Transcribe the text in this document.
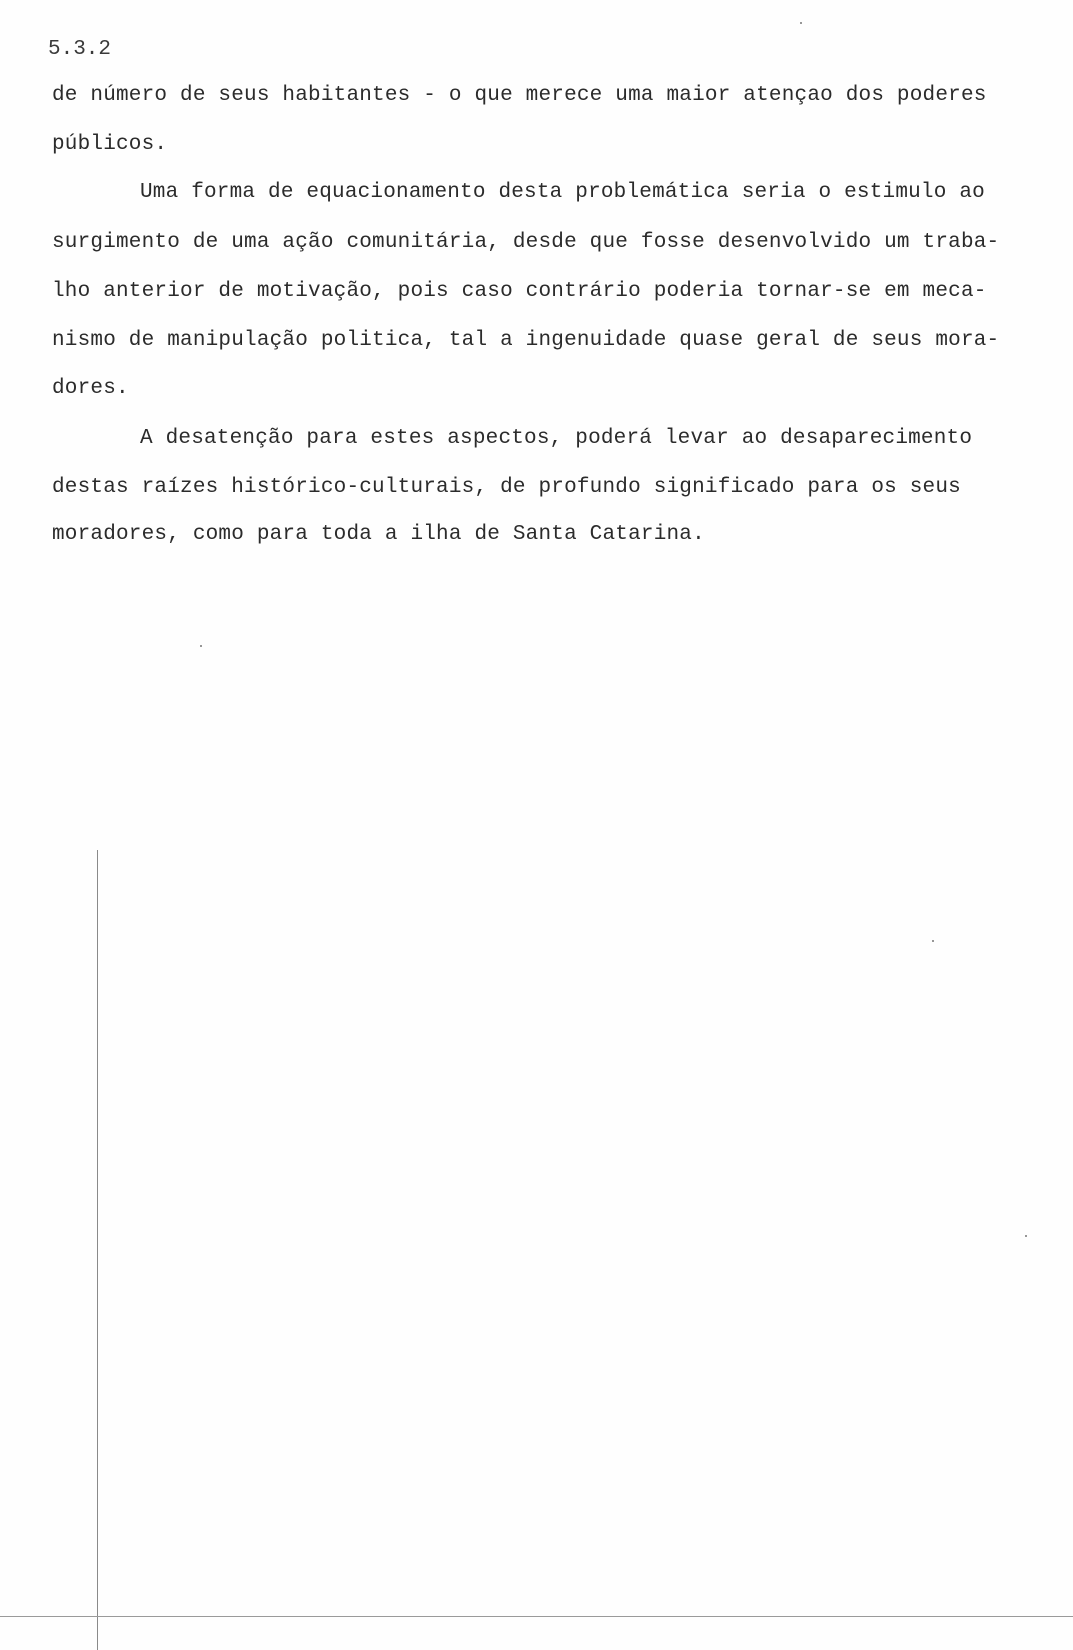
5.3.2
de número de seus habitantes - o que merece uma maior atençao dos poderes
públicos.
Uma forma de equacionamento desta problemática seria o estimulo ao
surgimento de uma ação comunitária, desde que fosse desenvolvido um traba-
lho anterior de motivação, pois caso contrário poderia tornar-se em meca-
nismo de manipulação politica, tal a ingenuidade quase geral de seus mora-
dores.
A desatenção para estes aspectos, poderá levar ao desaparecimento
destas raízes histórico-culturais, de profundo significado para os seus
moradores, como para toda a ilha de Santa Catarina.
